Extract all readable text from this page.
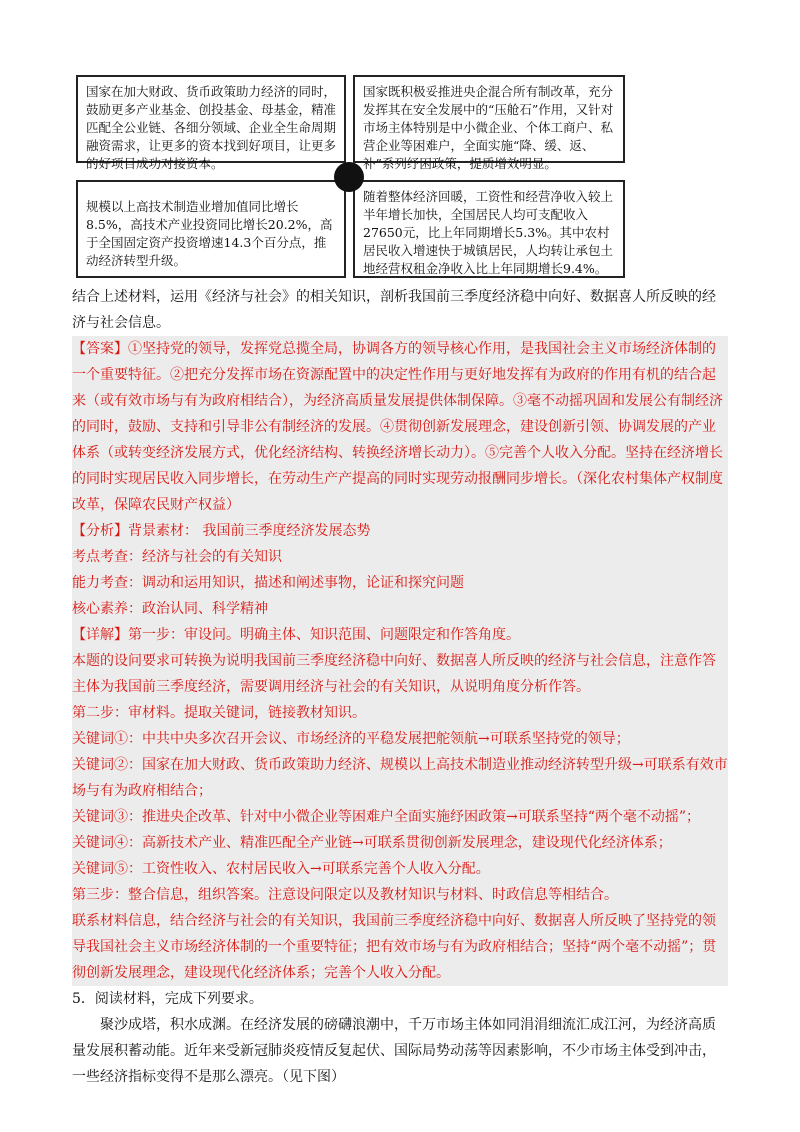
国家在加大财政、货币政策助力经济的同时，鼓励更多产业基金、创投基金、母基金，精准匹配全公业链、各细分领域、企业全生命周期融资需求，让更多的资本找到好项目，让更多的好项目成功对接资本。
国家既积极妥推进央企混合所有制改革，充分发挥其在安全发展中的“压舱石”作用，又针对市场主体特别是中小微企业、个体工商户、私营企业等困难户，全面实施“降、缓、返、补”系列纾困政策，提质增效明显。
规模以上高技术制造业增加值同比增长8.5%，高技术产业投资同比增长20.2%，高于全国固定资产投资增速14.3个百分点，推动经济转型升级。
随着整体经济回暖，工资性和经营净收入较上半年增长加快，全国居民人均可支配收入27650元，比上年同期增长5.3%。其中农村居民收入增速快于城镇居民，人均转让承包土地经营权租金净收入比上年同期增长9.4%。

结合上述材料，运用《经济与社会》的相关知识，剖析我国前三季度经济稳中向好、数据喜人所反映的经济与社会信息。

【答案】①坚持党的领导，发挥党总揽全局，协调各方的领导核心作用，是我国社会主义市场经济体制的一个重要特征。②把充分发挥市场在资源配置中的决定性作用与更好地发挥有为政府的作用有机的结合起来（或有效市场与有为政府相结合），为经济高质量发展提供体制保障。③毫不动摇巩固和发展公有制经济的同时，鼓励、支持和引导非公有制经济的发展。④贯彻创新发展理念，建设创新引领、协调发展的产业体系（或转变经济发展方式，优化经济结构、转换经济增长动力）。⑤完善个人收入分配。坚持在经济增长的同时实现居民收入同步增长，在劳动生产产提高的同时实现劳动报酬同步增长。（深化农村集体产权制度改革，保障农民财产权益）

【分析】背景素材： 我国前三季度经济发展态势

考点考查：经济与社会的有关知识

能力考查：调动和运用知识，描述和阐述事物，论证和探究问题

核心素养：政治认同、科学精神

【详解】第一步：审设问。明确主体、知识范围、问题限定和作答角度。

本题的设问要求可转换为说明我国前三季度经济稳中向好、数据喜人所反映的经济与社会信息，注意作答主体为我国前三季度经济，需要调用经济与社会的有关知识，从说明角度分析作答。

第二步：审材料。提取关键词，链接教材知识。

关键词①：中共中央多次召开会议、市场经济的平稳发展把舵领航→可联系坚持党的领导；

关键词②：国家在加大财政、货币政策助力经济、规模以上高技术制造业推动经济转型升级→可联系有效市场与有为政府相结合；

关键词③：推进央企改革、针对中小微企业等困难户全面实施纾困政策→可联系坚持“两个毫不动摇”；

关键词④：高新技术产业、精准匹配全产业链→可联系贯彻创新发展理念，建设现代化经济体系；

关键词⑤：工资性收入、农村居民收入→可联系完善个人收入分配。

第三步：整合信息，组织答案。注意设问限定以及教材知识与材料、时政信息等相结合。

联系材料信息，结合经济与社会的有关知识，我国前三季度经济稳中向好、数据喜人所反映了坚持党的领导我国社会主义市场经济体制的一个重要特征；把有效市场与有为政府相结合；坚持“两个毫不动摇”；贯彻创新发展理念，建设现代化经济体系；完善个人收入分配。

5．阅读材料，完成下列要求。

聚沙成塔，积水成渊。在经济发展的磅礴浪潮中，千万市场主体如同涓涓细流汇成江河，为经济高质量发展积蓄动能。近年来受新冠肺炎疫情反复起伏、国际局势动荡等因素影响，不少市场主体受到冲击，一些经济指标变得不是那么漂亮。（见下图）
